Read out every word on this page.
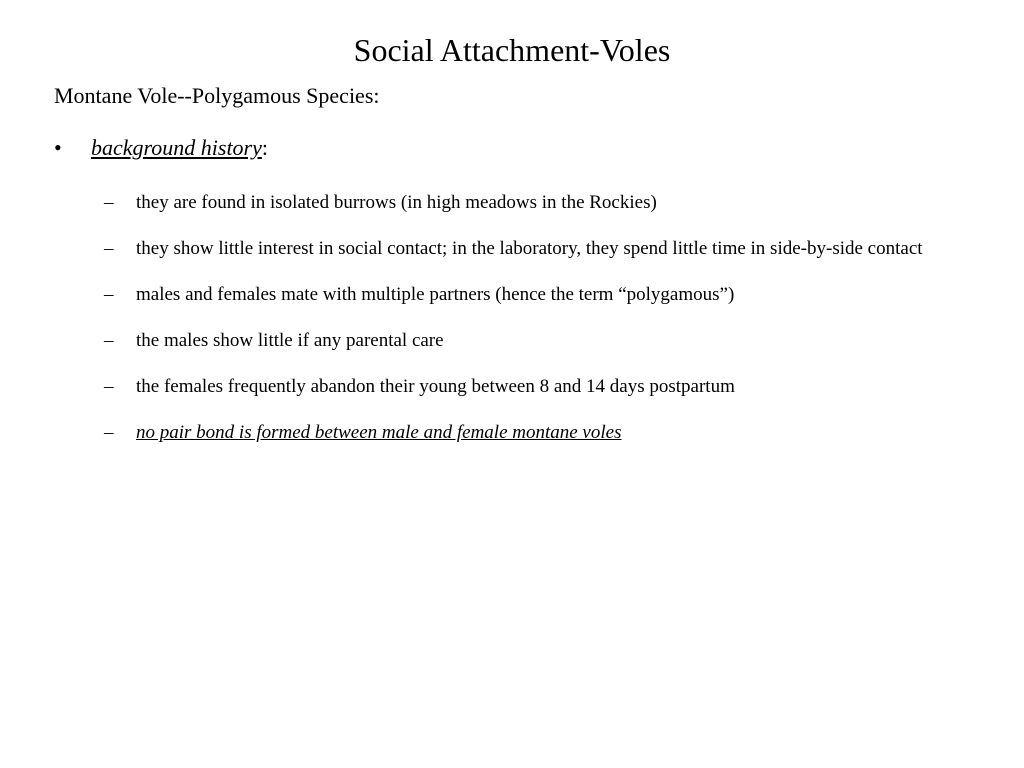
Social Attachment-Voles
Montane Vole--Polygamous Species:
• background history:
– they are found in isolated burrows (in high meadows in the Rockies)
– they show little interest in social contact; in the laboratory, they spend little time in side-by-side contact
– males and females mate with multiple partners (hence the term “polygamous”)
– the males show little if any parental care
– the females frequently abandon their young between 8 and 14 days postpartum
– no pair bond is formed between male and female montane voles
